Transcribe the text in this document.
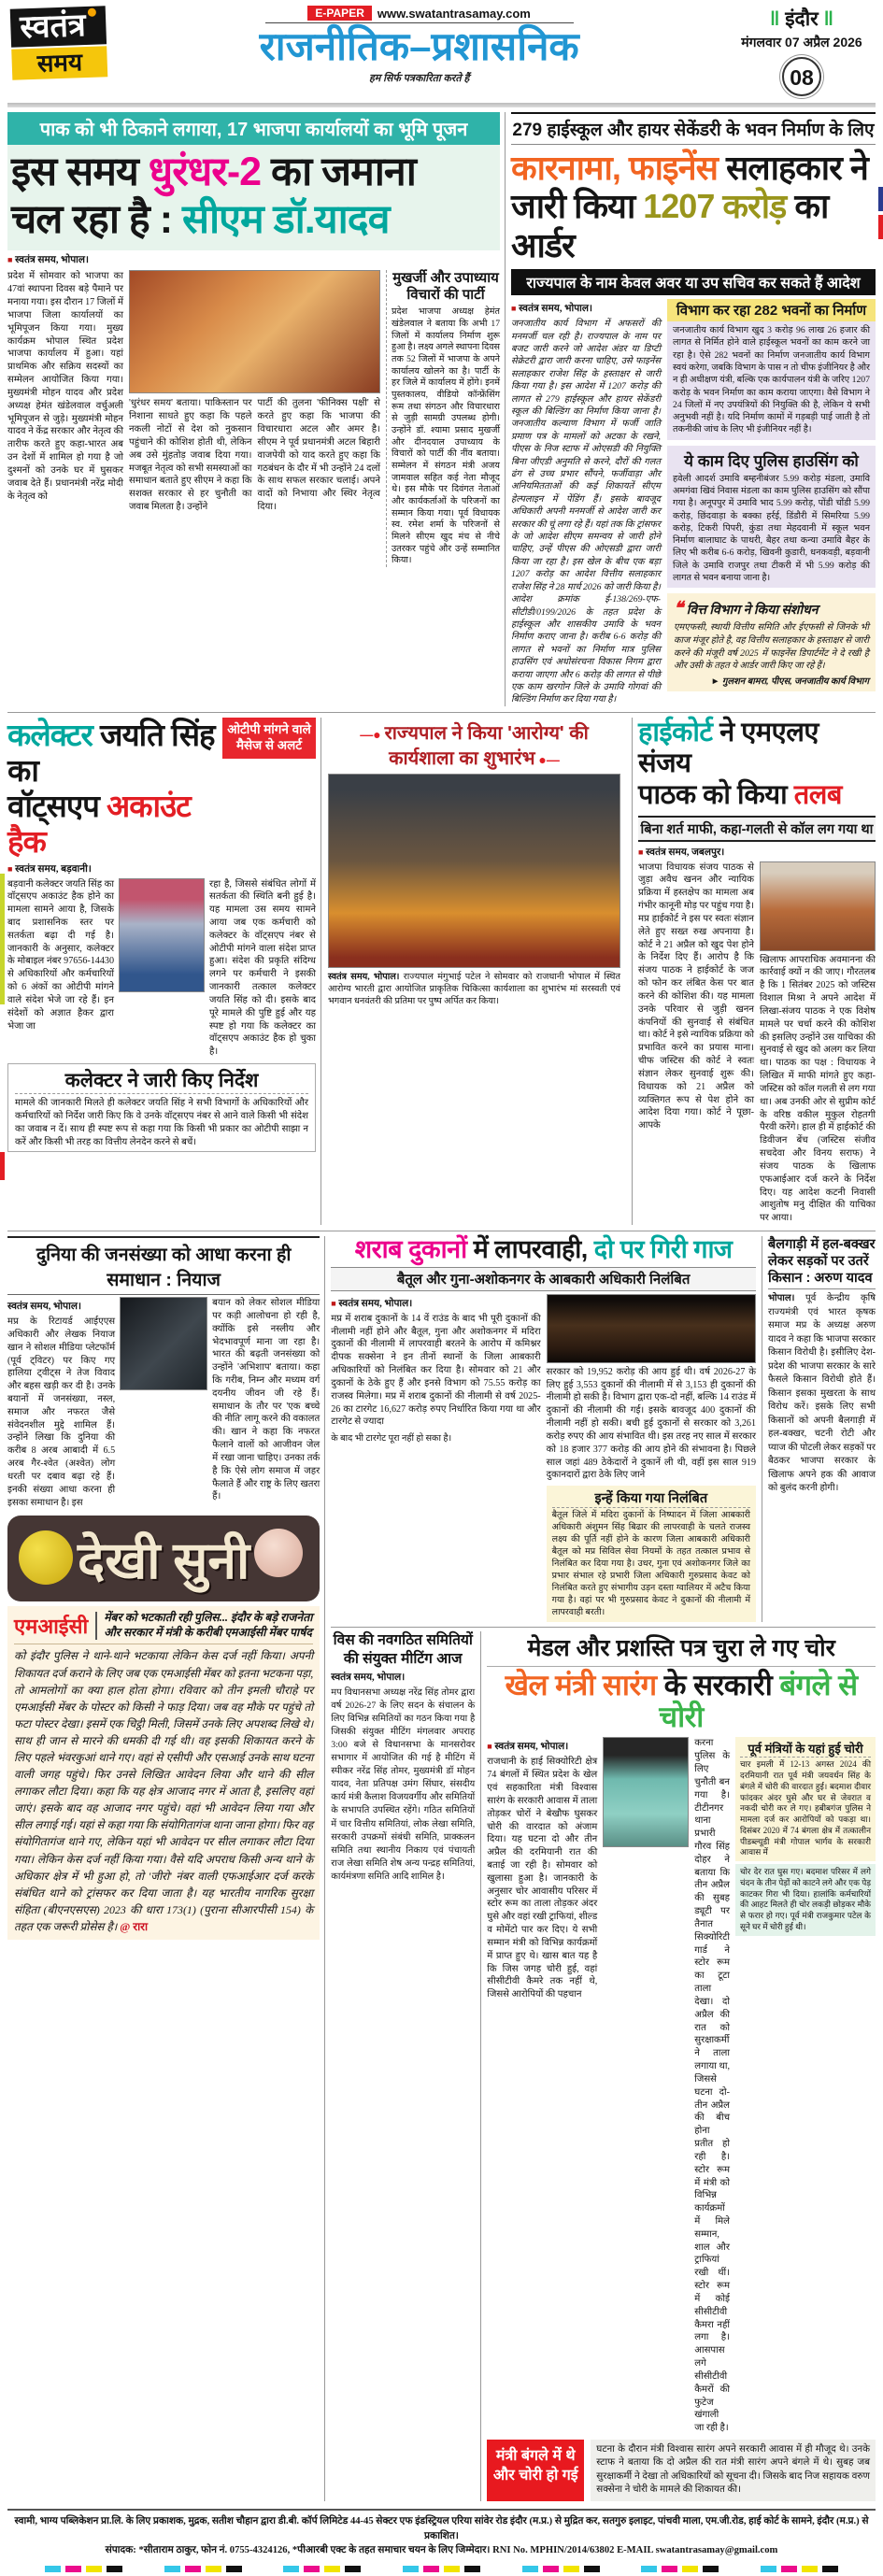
स्वतंत्र
समय
E-PAPER	www.swatantrasamay.com
राजनीतिक–प्रशासनिक
हम सिर्फ पत्रकारिता करते हैं
‖ इंदौर ‖
मंगलवार 07 अप्रैल 2026
08
पाक को भी ठिकाने लगाया, 17 भाजपा कार्यालयों का भूमि पूजन
इस समय धुरंधर-2 का जमाना
चल रहा है : सीएम डॉ.यादव
■ स्वतंत्र समय, भोपाल।
प्रदेश में सोमवार को भाजपा का 47वां स्थापना दिवस बड़े पैमाने पर मनाया गया। इस दौरान 17 जिलों में भाजपा जिला कार्यालयों का भूमिपूजन किया गया। मुख्य कार्यक्रम भोपाल स्थित प्रदेश भाजपा कार्यालय में हुआ। यहां प्राथमिक और सक्रिय सदस्यों का सम्मेलन आयोजित किया गया। मुख्यमंत्री मोहन यादव और प्रदेश अध्यक्ष हेमंत खंडेलवाल वर्चुअली भूमिपूजन से जुड़े। मुख्यमंत्री मोहन यादव ने केंद्र सरकार और नेतृत्व की तारीफ करते हुए कहा-भारत अब उन देशों में शामिल हो गया है जो दुश्मनों को उनके घर में घुसकर जवाब देते हैं। प्रधानमंत्री नरेंद्र मोदी के नेतृत्व को
'धुरंधर समय' बताया। पाकिस्तान पर निशाना साधते हुए कहा कि पहले नकली नोटों से देश को नुकसान पहुंचाने की कोशिश होती थी, लेकिन अब उसे मुंहतोड़ जवाब दिया गया। मजबूत नेतृत्व को सभी समस्याओं का समाधान बताते हुए सीएम ने कहा कि सशक्त सरकार से हर चुनौती का जवाब मिलता है। उन्होंने
पार्टी की तुलना 'फीनिक्स पक्षी' से करते हुए कहा कि भाजपा की विचारधारा अटल और अमर है। सीएम ने पूर्व प्रधानमंत्री अटल बिहारी वाजपेयी को याद करते हुए कहा कि गठबंधन के दौर में भी उन्होंने 24 दलों के साथ सफल सरकार चलाई। अपने वादों को निभाया और स्थिर नेतृत्व दिया।
मुखर्जी और उपाध्याय विचारों की पार्टी

प्रदेश भाजपा अध्यक्ष हेमंत खंडेलवाल ने बताया कि अभी 17 जिलों में कार्यालय निर्माण शुरू हुआ है। लक्ष्य अगले स्थापना दिवस तक 52 जिलों में भाजपा के अपने कार्यालय खोलने का है। पार्टी के हर जिले में कार्यालय में होंगे। इनमें पुस्तकालय, वीडियो कॉन्फ्रेंसिंग रूम तथा संगठन और विचारधारा से जुड़ी सामग्री उपलब्ध होगी। उन्होंने डॉ. श्यामा प्रसाद मुखर्जी और दीनदयाल उपाध्याय के विचारों को पार्टी की नींव बताया। सम्मेलन में संगठन मंत्री अजय जामवाल सहित कई नेता मौजूद थे। इस मौके पर दिवंगत नेताओं और कार्यकर्ताओं के परिजनों का सम्मान किया गया। पूर्व विधायक स्व. रमेश शर्मा के परिजनों से मिलने सीएम खुद मंच से नीचे उतरकर पहुंचे और उन्हें सम्मानित किया।

279 हाईस्कूल और हायर सेकेंडरी के भवन निर्माण के लिए
कारनामा, फाइनेंस सलाहकार ने जारी किया 1207 करोड़ का आर्डर
राज्यपाल के नाम केवल अवर या उप सचिव कर सकते हैं आदेश
■ स्वतंत्र समय, भोपाल।

जनजातीय कार्य विभाग में अफसरों की मनमर्जी चल रही है। राज्यपाल के नाम पर बजट जारी करने जो आदेश अंडर या डिप्टी सेक्रेटरी द्वारा जारी करना चाहिए, उसे फाइनेंस सलाहकार राजेश सिंह के हस्ताक्षर से जारी किया गया है। इस आदेश में 1207 करोड़ की लागत से 279 हाईस्कूल और हायर सेकेंडरी स्कूल की बिल्डिंग का निर्माण किया जाना है। जनजातीय कल्याण विभाग में फर्जी जाति प्रमाण पत्र के मामलों को अटका के रखने, पीएस के निज स्टाफ में ओएसडी की नियुक्ति बिना जीएडी अनुमति से करने, दौरों की गलत ढंग से उच्च प्रभार सौंपने, फर्जीवाड़ा और अनियमितताओं की कई शिकायतें सीएम हेल्पलाइन में पेंडिंग हैं। इसके बावजूद अधिकारी अपनी मनमर्जी से आदेश जारी कर सरकार की चूं लगा रहे हैं। यहां तक कि ट्रांसफर के जो आदेश सीएम समन्वय से जारी होने चाहिए, उन्हें पीएस की ओएसडी द्वारा जारी किया जा रहा है। इस खेल के बीच एक बड़ा 1207 करोड़ का आदेश वित्तीय सलाहकार राजेश सिंह ने 28 मार्च 2026 को जारी किया है। आदेश क्रमांक ई-138/269-एफ-सीटीडी/0199/2026 के तहत प्रदेश के हाईस्कूल और शासकीय उमावि के भवन निर्माण कराए जाना है। करीब 6-6 करोड़ की लागत से भवनों का निर्माण मात्र पुलिस हाउसिंग एवं अधोसंरचना विकास निगम द्वारा कराया जाएगा और 6 करोड़ की लागत से पीछे एक काम खरगोन जिले के उमावि गोगवां की बिल्डिंग निर्माण कर दिया गया है।

विभाग कर रहा 282 भवनों का निर्माण

जनजातीय कार्य विभाग खुद 3 करोड़ 96 लाख 26 हजार की लागत से निर्मित होने वाले हाईस्कूल भवनों का काम करने जा रहा है। ऐसे 282 भवनों का निर्माण जनजातीय कार्य विभाग स्वयं करेगा, जबकि विभाग के पास न तो चीफ इंजीनियर है और न ही अधीक्षण यंत्री, बल्कि एक कार्यपालन यंत्री के जरिए 1207 करोड़ के भवन निर्माण का काम कराया जाएगा। वैसे विभाग ने 24 जिलों में नए उपयंत्रियों की नियुक्ति की है, लेकिन ये सभी अनुभवी नहीं है। यदि निर्माण कामों में गड़बड़ी पाई जाती है तो तकनीकी जांच के लिए भी इंजीनियर नहीं है।

ये काम दिए पुलिस हाउसिंग को

हवेली आदर्श उमावि बम्हनीबंजर 5.99 करोड़ मंडला, उमावि अमगंवा खिवं निवास मंडला का काम पुलिस हाउसिंग को सौंपा गया है। अनूपपुर में उमावि भाद 5.99 करोड़, पोंडी चोंडी 5.99 करोड़, छिंदवाड़ा के बक्का हर्रई, डिंडौरी में सिमरिया 5.99 करोड़, टिकरी पिपरी, कुंडा तथा मेहदवानी में स्कूल भवन निर्माण बालाघाट के पाथरी, बैहर तथा कन्या उमावि बैहर के लिए भी करीब 6-6 करोड़, खिवनी कुडारी, धनकवड़ी, बड़वानी जिले के उमावि राजपुर तथा टीकरी में भी 5.99 करोड़ की लागत से भवन बनाया जाना है।

❝ वित्त विभाग ने किया संशोधन

एमएफसी, स्थायी वित्तीय समिति और ईएफसी से जिनके भी काज मंजूर होते है, वह वित्तीय सलाहकार के हस्ताक्षर से जारी करने की मंजूरी वर्ष 2025 में फाइनेंस डिपार्टमेंट ने दे रखी है और उसी के तहत ये आर्डर जारी किए जा रहे हैं।

► गुलशन बामरा, पीएस, जनजातीय कार्य विभाग
कलेक्टर जयति सिंह का
वॉट्सएप अकाउंट हैक
ओटीपी मांगने वाले मैसेज से अलर्ट
■ स्वतंत्र समय, बड़वानी।
बड़वानी कलेक्टर जयति सिंह का वॉट्सएप अकाउंट हैक होने का मामला सामने आया है, जिसके बाद प्रशासनिक स्तर पर सतर्कता बढ़ा दी गई है। जानकारी के अनुसार, कलेक्टर के मोबाइल नंबर 97656-14430 से अधिकारियों और कर्मचारियों को 6 अंकों का ओटीपी मांगने वाले संदेश भेजे जा रहे हैं। इन संदेशों को अज्ञात हैकर द्वारा भेजा जा
रहा है, जिससे संबंधित लोगों में सतर्कता की स्थिति बनी हुई है। यह मामला उस समय सामने आया जब एक कर्मचारी को कलेक्टर के वॉट्सएप नंबर से ओटीपी मांगने वाला संदेश प्राप्त हुआ। संदेश की प्रकृति संदिग्ध लगने पर कर्मचारी ने इसकी जानकारी तत्काल कलेक्टर जयति सिंह को दी। इसके बाद पूरे मामले की पुष्टि हुई और यह स्पष्ट हो गया कि कलेक्टर का वॉट्सएप अकाउंट हैक हो चुका है।
कलेक्टर ने जारी किए निर्देश

मामले की जानकारी मिलते ही कलेक्टर जयति सिंह ने सभी विभागों के अधिकारियों और कर्मचारियों को निर्देश जारी किए कि वे उनके वॉट्सएप नंबर से आने वाले किसी भी संदेश का जवाब न दें। साथ ही स्पष्ट रूप से कहा गया कि किसी भी प्रकार का ओटीपी साझा न करें और किसी भी तरह का वित्तीय लेनदेन करने से बचें।

—● राज्यपाल ने किया 'आरोग्य' की कार्यशाला का शुभारंभ ●—

स्वतंत्र समय, भोपाल। राज्यपाल मंगुभाई पटेल ने सोमवार को राजधानी भोपाल में स्थित आरोग्य भारती द्वारा आयोजित प्राकृतिक चिकित्सा कार्यशाला का शुभारंभ मां सरस्वती एवं भगवान धनवंतरी की प्रतिमा पर पुष्प अर्पित कर किया।

हाईकोर्ट ने एमएलए संजय
पाठक को किया तलब
बिना शर्त माफी, कहा-गलती से कॉल लग गया था
■ स्वतंत्र समय, जबलपुर।
भाजपा विधायक संजय पाठक से जुड़ा अवैध खनन और न्यायिक प्रक्रिया में हस्तक्षेप का मामला अब गंभीर कानूनी मोड़ पर पहुंच गया है। मप्र हाईकोर्ट ने इस पर स्वतः संज्ञान लेते हुए सख्त रुख अपनाया है। कोर्ट ने 21 अप्रैल को खुद पेश होने के निर्देश दिए हैं। आरोप है कि संजय पाठक ने हाईकोर्ट के जज को फोन कर लंबित केस पर बात करने की कोशिश की। यह मामला उनके परिवार से जुड़ी खनन कंपनियों की सुनवाई से संबंधित था। कोर्ट ने इसे न्यायिक प्रक्रिया को प्रभावित करने का प्रयास माना। चीफ जस्टिस की कोर्ट ने स्वतः संज्ञान लेकर सुनवाई शुरू की। विधायक को 21 अप्रैल को व्यक्तिगत रूप से पेश होने का आदेश दिया गया। कोर्ट ने पूछा-आपके

खिलाफ आपराधिक अवमानना की कार्रवाई क्यों न की जाए। गौरतलब है कि 1 सितंबर 2025 को जस्टिस विशाल मिश्रा ने अपने आदेश में लिखा-संजय पाठक ने एक विशेष मामले पर चर्चा करने की कोशिश की इसलिए उन्होंने उस याचिका की सुनवाई से खुद को अलग कर लिया था। पाठक का पक्ष : विधायक ने लिखित में माफी मांगते हुए कहा-जस्टिस को कॉल गलती से लग गया था। अब उनकी ओर से सुप्रीम कोर्ट के वरिष्ठ वकील मुकुल रोहतगी पैरवी करेंगे। हाल ही में हाईकोर्ट की डिवीजन बेंच (जस्टिस संजीव सचदेवा और विनय सराफ) ने संजय पाठक के खिलाफ एफआईआर दर्ज करने के निर्देश दिए। यह आदेश कटनी निवासी आशुतोष मनु दीक्षित की याचिका पर आया।

दुनिया की जनसंख्या को आधा करना ही समाधान : नियाज
स्वतंत्र समय, भोपाल।

मप्र के रिटायर्ड आईएएस अधिकारी और लेखक नियाज खान ने सोशल मीडिया प्लेटफॉर्म (पूर्व ट्विटर) पर किए गए हालिया ट्वीट्स ने तेज विवाद और बहस खड़ी कर दी है। उनके बयानों में जनसंख्या, नस्ल, समाज और नफरत जैसे संवेदनशील मुद्दे शामिल हैं। उन्होंने लिखा कि दुनिया की करीब 8 अरब आबादी में 6.5 अरब गैर-श्वेत (अश्वेत) लोग धरती पर दबाव बढ़ा रहे हैं। इनकी संख्या आधा करना ही इसका समाधान है। इस

बयान को लेकर सोशल मीडिया पर कड़ी आलोचना हो रही है, क्योंकि इसे नस्लीय और भेदभावपूर्ण माना जा रहा है। भारत की बढ़ती जनसंख्या को उन्होंने 'अभिशाप' बताया। कहा कि गरीब, निम्न और मध्यम वर्ग दयनीय जीवन जी रहे हैं। समाधान के तौर पर 'एक बच्चे की नीति' लागू करने की वकालत की। खान ने कहा कि नफरत फैलाने वालों को आजीवन जेल में रखा जाना चाहिए। उनका तर्क है कि ऐसे लोग समाज में जहर फैलाते हैं और राष्ट्र के लिए खतरा हैं।
देखी सुनी
एमआईसी	मेंबर को भटकाती रही पुलिस... इंदौर के बड़े राजनेता और सरकार में मंत्री के करीबी एमआईसी मेंबर पार्षद

को इंदौर पुलिस ने थाने-थाने भटकाया लेकिन केस दर्ज नहीं किया। अपनी शिकायत दर्ज कराने के लिए जब एक एमआईसी मेंबर को इतना भटकना पड़ा, तो आमलोगों का क्या हाल होता होगा। रविवार को तीन इमली चौराहे पर एमआईसी मेंबर के पोस्टर को किसी ने फाड़ दिया। जब वह मौके पर पहुंचे तो फटा पोस्टर देखा। इसमें एक चिट्ठी मिली, जिसमें उनके लिए अपशब्द लिखे थे। साथ ही जान से मारने की धमकी दी गई थी। वह इसकी शिकायत करने के लिए पहले भंवरकुआं थाने गए। वहां से एसीपी और एसआई उनके साथ घटना वाली जगह पहुंचे। फिर उनसे लिखित आवेदन लिया और थाने की सील लगाकर लौटा दिया। कहा कि यह क्षेत्र आजाद नगर में आता है, इसलिए वहां जाएं। इसके बाद वह आजाद नगर पहुंचे। वहां भी आवेदन लिया गया और सील लगाई गई। यहां से कहा गया कि संयोगितागंज थाना जाना होगा। फिर वह संयोगितागंज थाने गए, लेकिन यहां भी आवेदन पर सील लगाकर लौटा दिया गया। लेकिन केस दर्ज नहीं किया गया। वैसे यदि अपराध किसी अन्य थाने के अधिकार क्षेत्र में भी हुआ हो, तो 'जीरो' नंबर वाली एफआईआर दर्ज करके संबंधित थाने को ट्रांसफर कर दिया जाता है। यह भारतीय नागरिक सुरक्षा संहिता (बीएनएसएस) 2023 की धारा 173(1) (पुराना सीआरपीसी 154) के तहत एक जरूरी प्रोसेस है। @ रारा

शराब दुकानों में लापरवाही, दो पर गिरी गाज
बैतूल और गुना-अशोकनगर के आबकारी अधिकारी निलंबित
■ स्वतंत्र समय, भोपाल।

मप्र में शराब दुकानों के 14 वें राउंड के बाद भी पूरी दुकानों की नीलामी नहीं होने और बैतूल, गुना और अशोकनगर में मदिरा दुकानों की नीलामी में लापरवाही बरतने के आरोप में कमिश्नर दीपक सक्सेना ने इन तीनों स्थानों के जिला आबकारी अधिकारियों को निलंबित कर दिया है। सोमवार को 21 और दुकानों के ठेके हुए हैं और इनसे विभाग को 75.55 करोड़ का राजस्व मिलेगा। मप्र में शराब दुकानों की नीलामी से वर्ष 2025-26 का टारगेट 16,627 करोड़ रुपए निर्धारित किया गया था और टारगेट से ज्यादा

के बाद भी टारगेट पूरा नहीं हो सका है।

सरकार को 19,952 करोड़ की आय हुई थी। वर्ष 2026-27 के लिए हुई 3,553 दुकानों की नीलामी में से 3,153 ही दुकानों की नीलामी हो सकी है। विभाग द्वारा एक-दो नहीं, बल्कि 14 राउंड में दुकानों की नीलामी की गई। इसके बावजूद 400 दुकानों की नीलामी नहीं हो सकी। बची हुई दुकानों से सरकार को 3,261 करोड़ रुपए की आय संभावित थी। इस तरह नए साल में सरकार को 18 हजार 377 करोड़ की आय होने की संभावना है। पिछले साल जहां 489 ठेकेदारों ने दुकानें ली थी, वहीं इस साल 919 दुकानदारों द्वारा ठेके लिए जाने

इन्हें किया गया निलंबित

बैतूल जिले में मदिरा दुकानों के निष्पादन में जिला आबकारी अधिकारी अंशुमन सिंह बिढार की लापरवाही के चलते राजस्व लक्ष्य की पूर्ति नहीं होने के कारण जिला आबकारी अधिकारी बैतूल को मप्र सिविल सेवा नियमों के तहत तत्काल प्रभाव से निलंबित कर दिया गया है। उधर, गुना एवं अशोकनगर जिले का प्रभार संभाल रहे प्रभारी जिला अधिकारी गुरुप्रसाद केवट को निलंबित करते हुए संभागीय उड़न दस्ता ग्वालियर में अटैच किया गया है। वहां पर भी गुरुप्रसाद केवट ने दुकानों की नीलामी में लापरवाही बरती।

बैलगाड़ी में हल-बक्खर लेकर सड़कों पर उतरें किसान : अरुण यादव

भोपाल। पूर्व केन्द्रीय कृषि राज्यमंत्री एवं भारत कृषक समाज मप्र के अध्यक्ष अरुण यादव ने कहा कि भाजपा सरकार किसान विरोधी है। इसीलिए देश-प्रदेश की भाजपा सरकार के सारे फैसले किसान विरोधी होते हैं। किसान इसका मुखरता के साथ विरोध करें। इसके लिए सभी किसानों को अपनी बैलगाड़ी में हल-बक्खर, चटनी रोटी और प्याज की पोटली लेकर सड़कों पर बैठकर भाजपा सरकार के खिलाफ अपने हक की आवाज को बुलंद करनी होगी।

विस की नवगठित समितियों की संयुक्त मीटिंग आज
स्वतंत्र समय, भोपाल।

मप विधानसभा अध्यक्ष नरेंद्र सिंह तोमर द्वारा वर्ष 2026-27 के लिए सदन के संचालन के लिए विभिन्न समितियों का गठन किया गया है जिसकी संयुक्त मीटिंग मंगलवार अपराह 3:00 बजे से विधानसभा के मानसरोवर सभागार में आयोजित की गई है मीटिंग में स्पीकर नरेंद्र सिंह तोमर, मुख्यमंत्री डॉ मोहन यादव, नेता प्रतिपक्ष उमंग सिंघार, संसदीय कार्य मंत्री कैलाश विजयवर्गीय और समितियों के सभापति उपस्थित रहेंगे। गठित समितियों में चार वित्तीय समितियां, लोक लेखा समिति, सरकारी उपक्रमों संबंधी समिति, प्राक्कलन समिति तथा स्थानीय निकाय एवं पंचायती राज लेखा समिति शेष अन्य पन्द्रह समितियां, कार्यमंत्रणा समिति आदि शामिल है।

मेडल और प्रशस्ति पत्र चुरा ले गए चोर
खेल मंत्री सारंग के सरकारी बंगले से चोरी
■ स्वतंत्र समय, भोपाल।

राजधानी के हाई सिक्योरिटी क्षेत्र 74 बंगलों में स्थित प्रदेश के खेल एवं सहकारिता मंत्री विश्वास सारंग के सरकारी आवास में ताला तोड़कर चोरों ने बेखौफ घुसकर चोरी की वारदात को अंजाम दिया। यह घटना दो और तीन अप्रैल की दरमियानी रात की बताई जा रही है। सोमवार को खुलासा हुआ है। जानकारी के अनुसार चोर आवासीय परिसर में स्टोर रूम का ताला तोड़कर अंदर घुसे और वहां रखी ट्राफियां, शील्ड व मोमेंटो पार कर दिए। ये सभी सम्मान मंत्री को विभिन्न कार्यक्रमों में प्राप्त हुए थे। खास बात यह है कि जिस जगह चोरी हुई, वहां सीसीटीवी कैमरे तक नहीं थे, जिससे आरोपियों की पहचान

करना पुलिस के लिए चुनौती बन गया है। टीटीनगर थाना प्रभारी गौरव सिंह दोहर ने बताया कि तीन अप्रैल की सुबह ड्यूटी पर तैनात सिक्योरिटी गार्ड ने स्टोर रूम का टूटा ताला देखा। दो अप्रैल की रात को सुरक्षाकर्मी ने ताला लगाया था, जिससे घटना दो-तीन अप्रैल की बीच होना प्रतीत हो रही है। स्टोर रूम में मंत्री को विभिन्न कार्यक्रमों में मिले सम्मान, शाल और ट्राफियां रखी थीं। स्टोर रूम में कोई सीसीटीवी कैमरा नहीं लगा है। आसपास लगे सीसीटीवी कैमरों की फुटेज खंगाली जा रही है।
पूर्व मंत्रियों के यहां हुई चोरी

चार इमली में 12-13 अगस्त 2024 की दरमियानी रात पूर्व मंत्री जयवर्धन सिंह के बंगले में चोरी की वारदात हुई। बदमाश दीवार फांदकर अंदर घुसे और घर से जेवरात व नकदी चोरी कर ले गए। हबीबगंज पुलिस ने मामला दर्ज कर आरोपियों को पकड़ा था। दिसंबर 2020 में 74 बंगला क्षेत्र में तत्कालीन पीडब्ल्यूडी मंत्री गोपाल भार्गव के सरकारी आवास में

चोर देर रात घुस गए। बदमाश परिसर में लगे चंदन के तीन पेड़ों को काटने लगे और एक पेड़ काटकर गिरा भी दिया। हालांकि कर्मचारियों की आहट मिलते ही चोर लकड़ी छोड़कर मौके से फरार हो गए। पूर्व मंत्री राजकुमार पटेल के सूने घर में चोरी हुई थी।

मंत्री बंगले में थे और चोरी हो गई

घटना के दौरान मंत्री विश्वास सारंग अपने सरकारी आवास में ही मौजूद थे। उनके स्टाफ ने बताया कि दो अप्रैल की रात मंत्री सारंग अपने बंगले में थे। सुबह जब सुरक्षाकर्मी ने देखा तो अधिकारियों को सूचना दी। जिसके बाद निज सहायक वरुण सक्सेना ने चोरी के मामले की शिकायत की।

स्वामी, भाग्य पब्लिकेशन प्रा.लि. के लिए प्रकाशक, मुद्रक, सतीश चौहान द्वारा डी.बी. कॉर्प लिमिटेड 44-45 सेक्टर एफ इंडस्ट्रियल एरिया सांवेर रोड इंदौर (म.प्र.) से मुद्रित कर, सतगुरु इलाइट, पांचवी माला, एम.जी.रोड, हाई कोर्ट के सामने, इंदौर (म.प्र.) से प्रकाशित।
संपादक: *सीताराम ठाकुर, फोन नं. 0755-4324126, *पीआरबी एक्ट के तहत समाचार चयन के लिए जिम्मेदार। RNI No. MPHIN/2014/63802 E-MAIL swatantrasamay@gmail.com
